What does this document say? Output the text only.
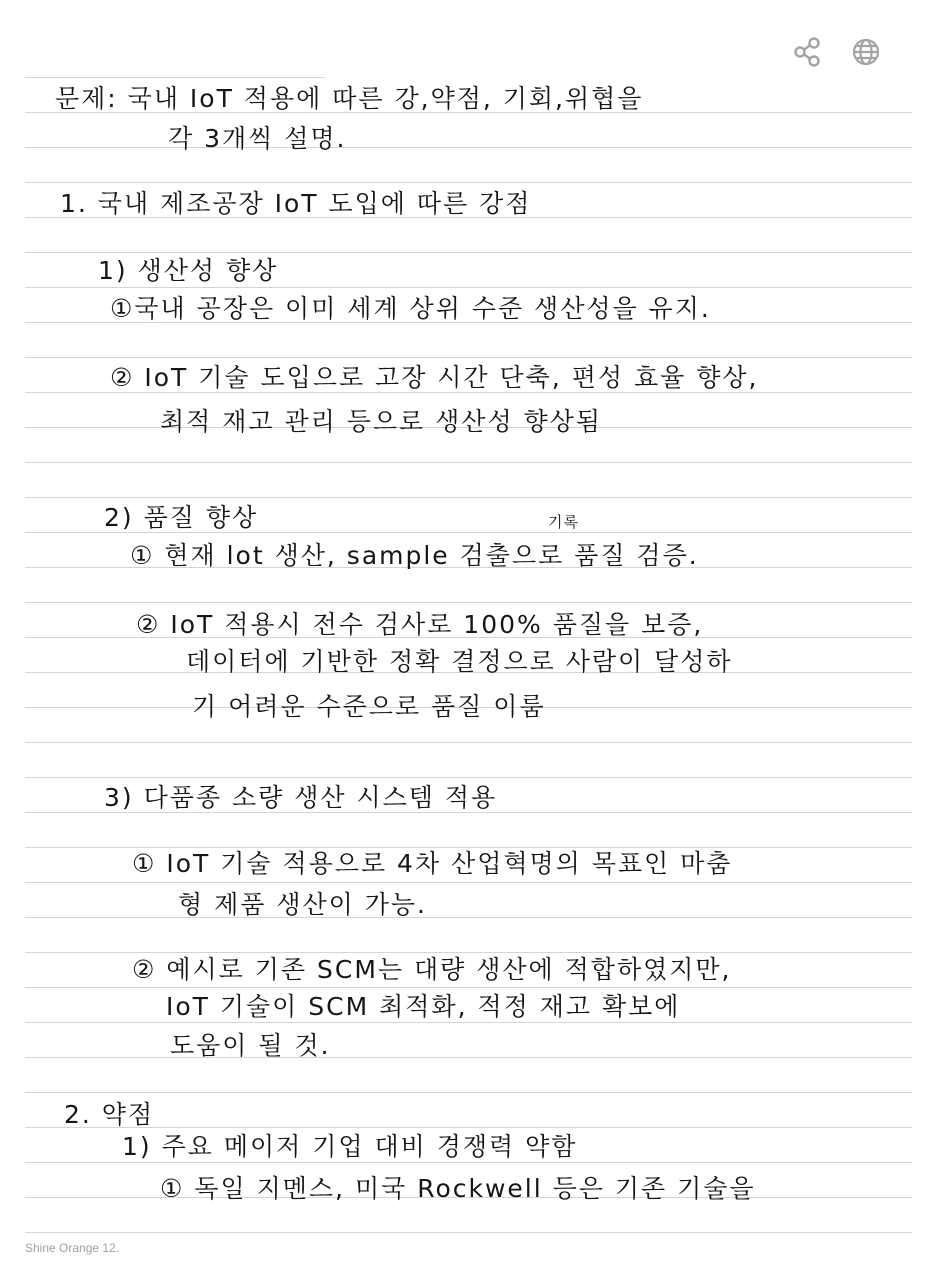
문제: 국내 IoT 적용에 따른 강,약점, 기회,위협을
각 3개씩 설명.
1. 국내 제조공장 IoT 도입에 따른 강점
1) 생산성 향상
①국내 공장은 이미 세계 상위 수준 생산성을 유지.
② IoT 기술 도입으로 고장 시간 단축, 편성 효율 향상,
최적 재고 관리 등으로 생산성 향상됨
2) 품질 향상	기록
① 현재 lot 생산, sample 검출으로 품질 검증.
② IoT 적용시 전수 검사로 100% 품질을 보증,
데이터에 기반한 정확 결정으로 사람이 달성하
기 어려운 수준으로 품질 이룸
3) 다품종 소량 생산 시스템 적용
① IoT 기술 적용으로 4차 산업혁명의 목표인 마춤
형 제품 생산이 가능.
② 예시로 기존 SCM는 대량 생산에 적합하였지만,
IoT 기술이 SCM 최적화, 적정 재고 확보에
도움이 될 것.
2. 약점
1) 주요 메이저 기업 대비 경쟁력 약함
① 독일 지멘스, 미국 Rockwell 등은 기존 기술을
Shine Orange 12.
